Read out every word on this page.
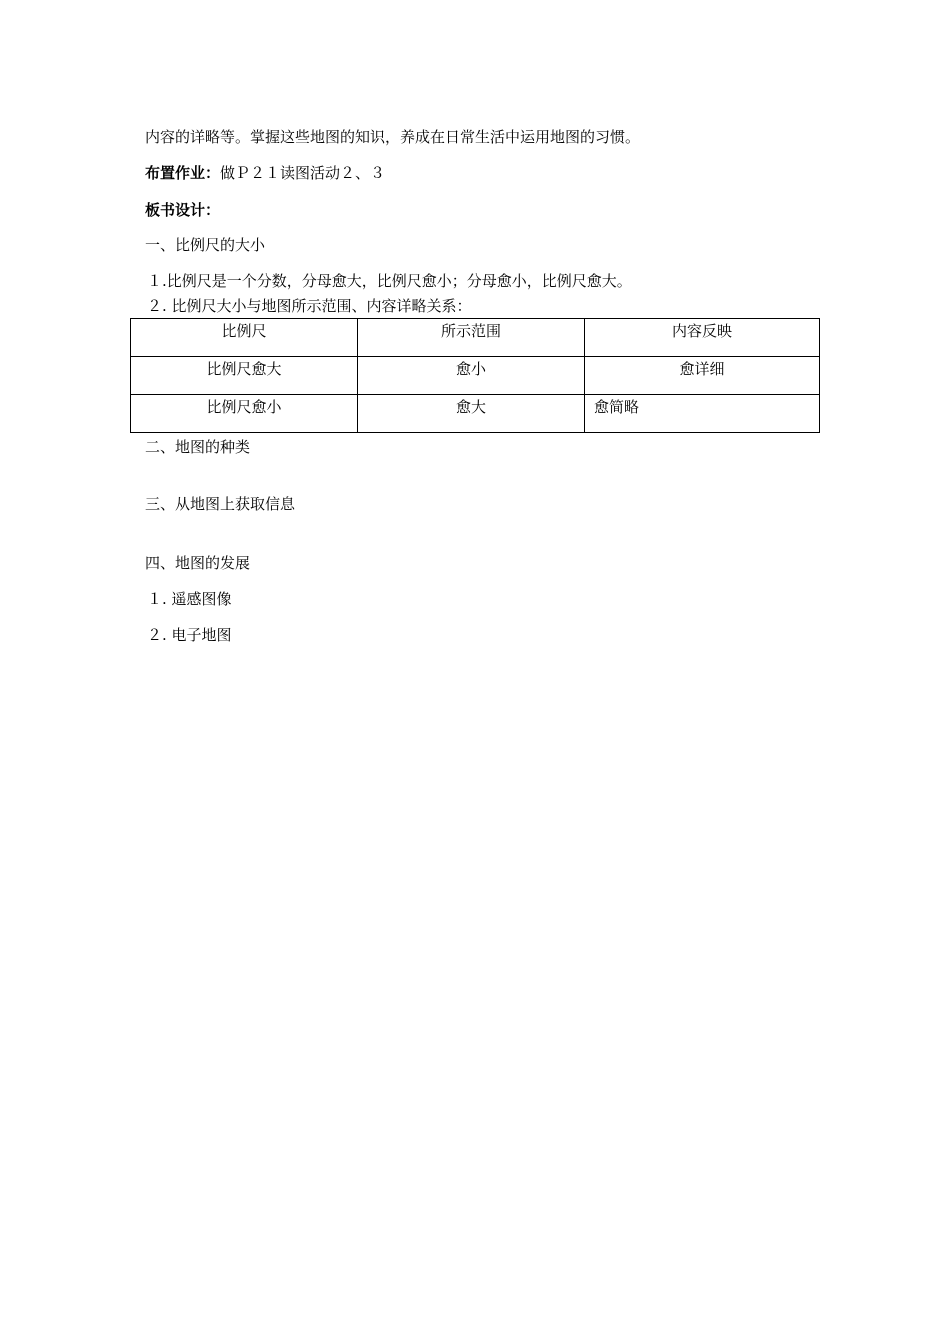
内容的详略等。掌握这些地图的知识，养成在日常生活中运用地图的习惯。
布置作业：做Ｐ２１读图活动２、３
板书设计：
一、比例尺的大小
１.比例尺是一个分数，分母愈大，比例尺愈小；分母愈小，比例尺愈大。
２. 比例尺大小与地图所示范围、内容详略关系：
比例尺	所示范围	内容反映
比例尺愈大	愈小	愈详细
比例尺愈小	愈大	愈简略
二、地图的种类
三、从地图上获取信息
四、地图的发展
１. 遥感图像
２. 电子地图
